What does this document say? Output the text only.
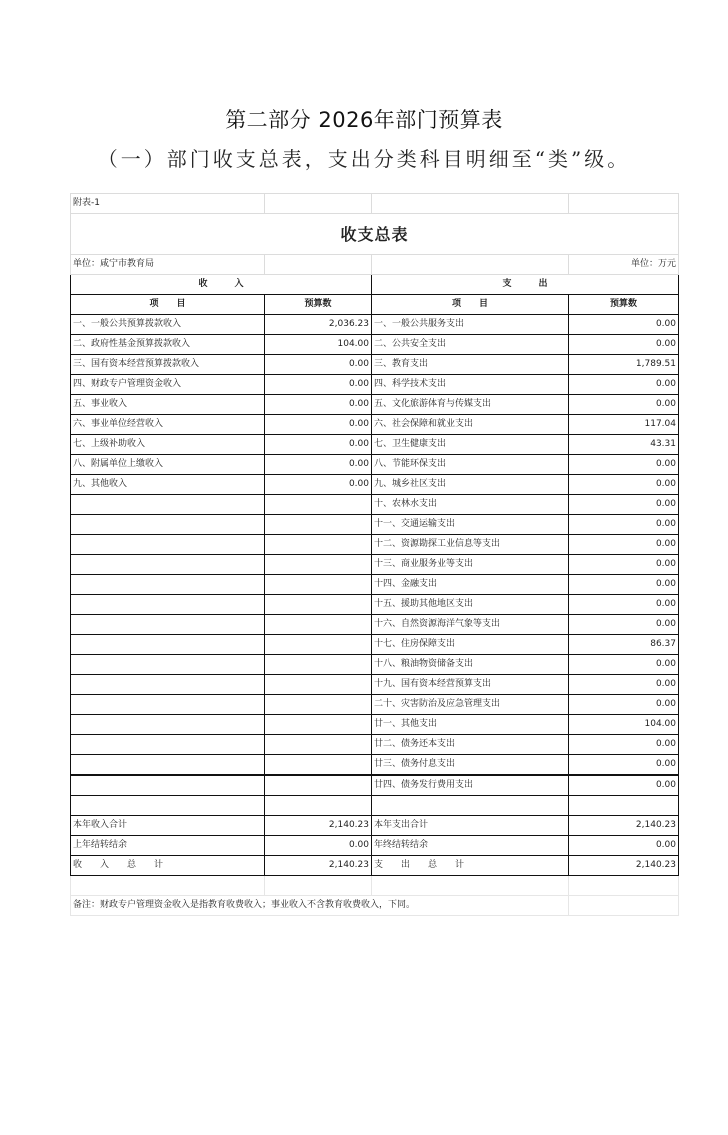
第二部分 2026年部门预算表
（一）部门收支总表，支出分类科目明细至“类”级。
附表-1			
收支总表			
单位：咸宁市教育局			单位：万元
收　　　入		支　　　出	
项　　目	预算数	项　　目	预算数
一、一般公共预算拨款收入	2,036.23	一、一般公共服务支出	0.00
二、政府性基金预算拨款收入	104.00	二、公共安全支出	0.00
三、国有资本经营预算拨款收入	0.00	三、教育支出	1,789.51
四、财政专户管理资金收入	0.00	四、科学技术支出	0.00
五、事业收入	0.00	五、文化旅游体育与传媒支出	0.00
六、事业单位经营收入	0.00	六、社会保障和就业支出	117.04
七、上级补助收入	0.00	七、卫生健康支出	43.31
八、附属单位上缴收入	0.00	八、节能环保支出	0.00
九、其他收入	0.00	九、城乡社区支出	0.00
		十、农林水支出	0.00
		十一、交通运输支出	0.00
		十二、资源勘探工业信息等支出	0.00
		十三、商业服务业等支出	0.00
		十四、金融支出	0.00
		十五、援助其他地区支出	0.00
		十六、自然资源海洋气象等支出	0.00
		十七、住房保障支出	86.37
		十八、粮油物资储备支出	0.00
		十九、国有资本经营预算支出	0.00
		二十、灾害防治及应急管理支出	0.00
		廿一、其他支出	104.00
		廿二、债务还本支出	0.00
		廿三、债务付息支出	0.00
		廿四、债务发行费用支出	0.00

本年收入合计	2,140.23	本年支出合计	2,140.23
上年结转结余	0.00	年终结转结余	0.00
收　　入　　总　　计	2,140.23	支　　出　　总　　计	2,140.23

备注：财政专户管理资金收入是指教育收费收入；事业收入不含教育收费收入，下同。			
